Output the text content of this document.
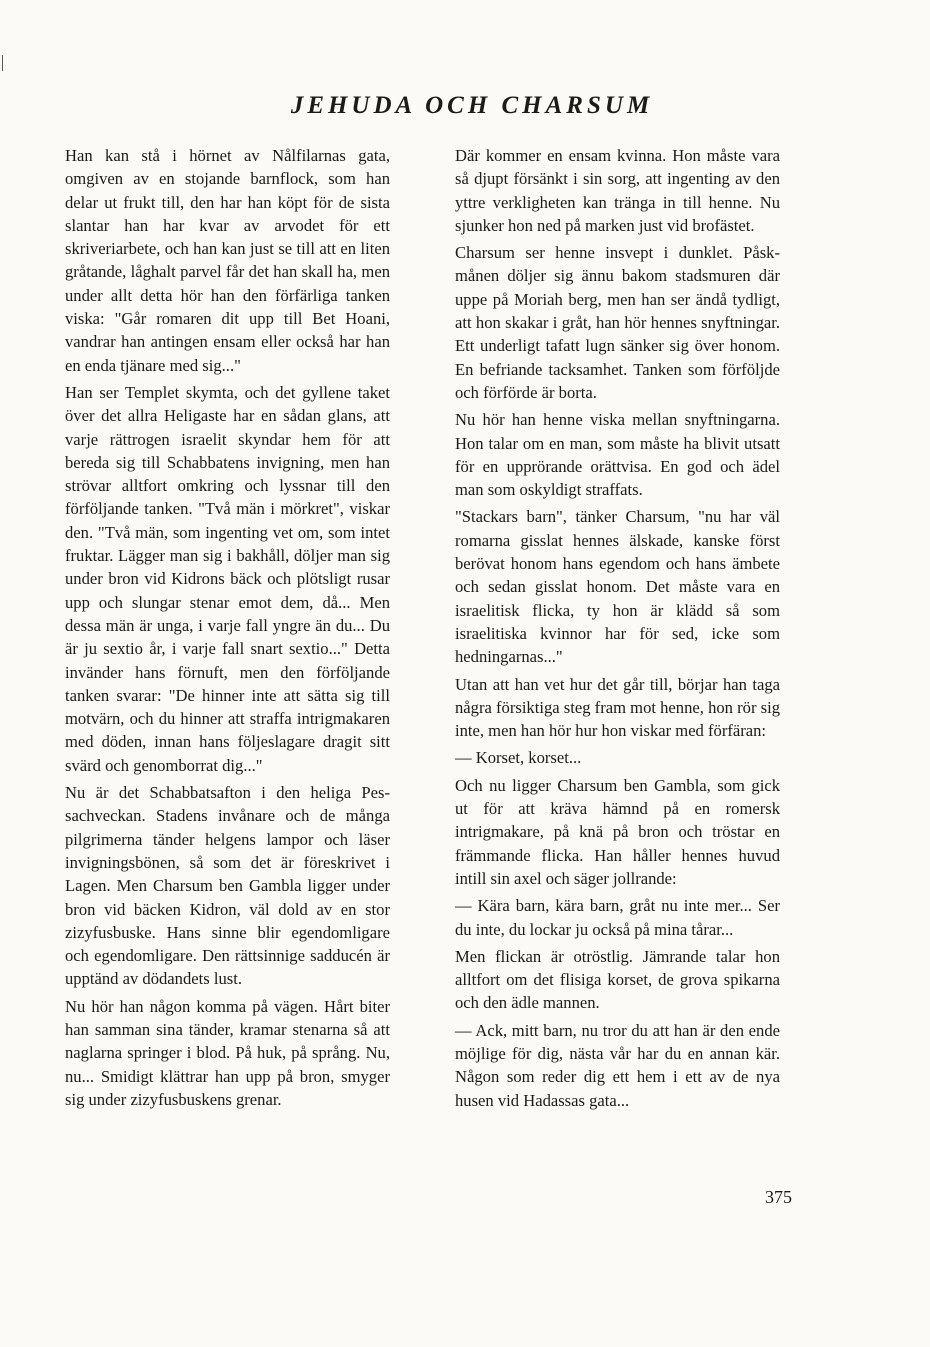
JEHUDA OCH CHARSUM

Han kan stå i hörnet av Nålfilarnas gata, omgiven av en stojande barnflock, som han delar ut frukt till, den har han köpt för de sista slantar han har kvar av arvodet för ett skriveriarbete, och han kan just se till att en liten gråtande, låghalt parvel får det han skall ha, men under allt detta hör han den förfärliga tanken viska: "Går romaren dit upp till Bet Hoani, vandrar han antingen ensam eller också har han en enda tjänare med sig..."

Han ser Templet skymta, och det gyllene taket över det allra Heligaste har en sådan glans, att varje rättrogen israelit skyndar hem för att bereda sig till Schabbatens invigning, men han strövar alltfort omkring och lyssnar till den förföljande tanken. "Två män i mörkret", viskar den. "Två män, som ingenting vet om, som intet fruktar. Lägger man sig i bakhåll, döljer man sig under bron vid Kidrons bäck och plötsligt rusar upp och slungar stenar emot dem, då... Men dessa män är unga, i varje fall yngre än du... Du är ju sextio år, i varje fall snart sextio..." Detta invänder hans förnuft, men den förföljande tanken svarar: "De hinner inte att sätta sig till motvärn, och du hinner att straffa intrigmakaren med döden, innan hans följeslagare dragit sitt svärd och genomborrat dig..."

Nu är det Schabbatsafton i den heliga Pessachveckan. Stadens invånare och de många pilgrimerna tänder helgens lampor och läser invigningsbönen, så som det är föreskrivet i Lagen. Men Charsum ben Gambla ligger under bron vid bäcken Kidron, väl dold av en stor zizyfusbuske. Hans sinne blir egendomligare och egendomligare. Den rättsinnige sadducén är upptänd av dödandets lust.

Nu hör han någon komma på vägen. Hårt biter han samman sina tänder, kramar stenarna så att naglarna springer i blod. På huk, på språng. Nu, nu... Smidigt klättrar han upp på bron, smyger sig under zizyfusbuskens grenar.

Där kommer en ensam kvinna. Hon måste vara så djupt försänkt i sin sorg, att ingenting av den yttre verkligheten kan tränga in till henne. Nu sjunker hon ned på marken just vid brofästet.

Charsum ser henne insvept i dunklet. Påskmånen döljer sig ännu bakom stadsmuren där uppe på Moriah berg, men han ser ändå tydligt, att hon skakar i gråt, han hör hennes snyftningar. Ett underligt tafatt lugn sänker sig över honom. En befriande tacksamhet. Tanken som förföljde och förförde är borta.

Nu hör han henne viska mellan snyftningarna. Hon talar om en man, som måste ha blivit utsatt för en upprörande orättvisa. En god och ädel man som oskyldigt straffats.

"Stackars barn", tänker Charsum, "nu har väl romarna gisslat hennes älskade, kanske först berövat honom hans egendom och hans ämbete och sedan gisslat honom. Det måste vara en israelitisk flicka, ty hon är klädd så som israelitiska kvinnor har för sed, icke som hedningarnas..."

Utan att han vet hur det går till, börjar han taga några försiktiga steg fram mot henne, hon rör sig inte, men han hör hur hon viskar med förfäran:

— Korset, korset...

Och nu ligger Charsum ben Gambla, som gick ut för att kräva hämnd på en romersk intrigmakare, på knä på bron och tröstar en främmande flicka. Han håller hennes huvud intill sin axel och säger jollrande:

— Kära barn, kära barn, gråt nu inte mer... Ser du inte, du lockar ju också på mina tårar...

Men flickan är otröstlig. Jämrande talar hon alltfort om det flisiga korset, de grova spikarna och den ädle mannen.

— Ack, mitt barn, nu tror du att han är den ende möjlige för dig, nästa vår har du en annan kär. Någon som reder dig ett hem i ett av de nya husen vid Hadassas gata...

375
